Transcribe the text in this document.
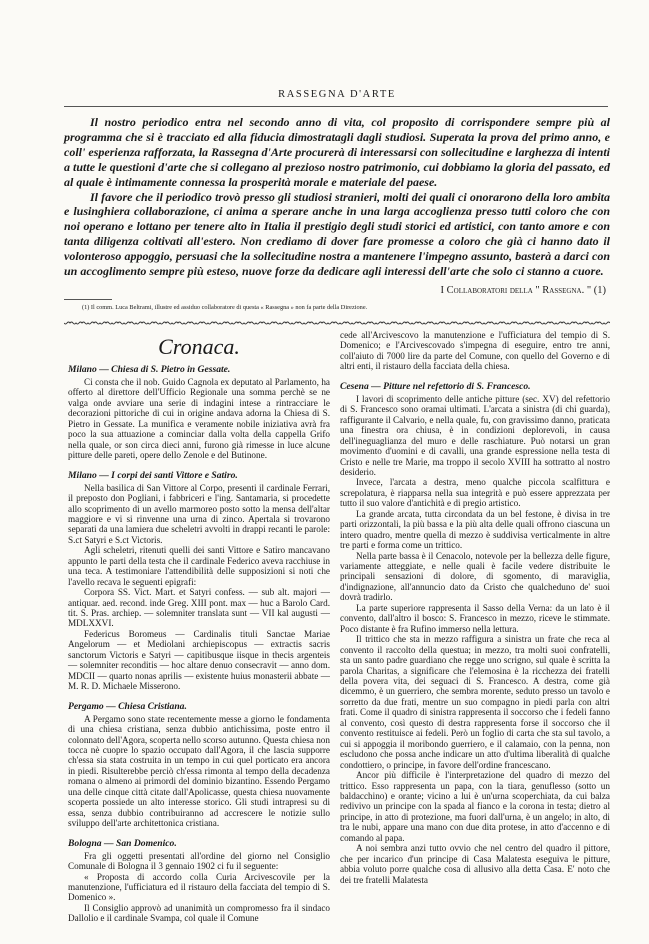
RASSEGNA D'ARTE

Il nostro periodico entra nel secondo anno di vita, col proposito di corrispondere sempre più al programma che si è tracciato ed alla fiducia dimostratagli dagli studiosi. Superata la prova del primo anno, e coll' esperienza rafforzata, la Rassegna d'Arte procurerà di interessarsi con sollecitudine e larghezza di intenti a tutte le questioni d'arte che si collegano al prezioso nostro patrimonio, cui dobbiamo la gloria del passato, ed al quale è intimamente connessa la prosperità morale e materiale del paese.

Il favore che il periodico trovò presso gli studiosi stranieri, molti dei quali ci onorarono della loro ambita e lusinghiera collaborazione, ci anima a sperare anche in una larga accoglienza presso tutti coloro che con noi operano e lottano per tenere alto in Italia il prestigio degli studi storici ed artistici, con tanto amore e con tanta diligenza coltivati all'estero. Non crediamo di dover fare promesse a coloro che già ci hanno dato il volonteroso appoggio, persuasi che la sollecitudine nostra a mantenere l'impegno assunto, basterà a darci con un accoglimento sempre più esteso, nuove forze da dedicare agli interessi dell'arte che solo ci stanno a cuore.

I Collaboratori della " Rassegna. " (1)
(1) Il comm. Luca Beltrami, illustre ed assiduo collaboratore di questa « Rassegna » non fa parte della Direzione.
Cronaca.
Milano — Chiesa di S. Pietro in Gessate.

Ci consta che il nob. Guido Cagnola ex deputato al Parlamento, ha offerto al direttore dell'Ufficio Regionale una somma perchè se ne valga onde avviare una serie di indagini intese a rintracciare le decorazioni pittoriche di cui in origine andava adorna la Chiesa di S. Pietro in Gessate. La munifica e veramente nobile iniziativa avrà fra poco la sua attuazione a cominciar dalla volta della cappella Grifo nella quale, or son circa dieci anni, furono già rimesse in luce alcune pitture delle pareti, opere dello Zenole e del Butinone.

Milano — I corpi dei santi Vittore e Satiro.

Nella basilica di San Vittore al Corpo, presenti il cardinale Ferrari, il preposto don Pogliani, i fabbriceri e l'ing. Santamaria, si procedette allo scoprimento di un avello marmoreo posto sotto la mensa dell'altar maggiore e vi si rinvenne una urna di zinco. Apertala si trovarono separati da una lamiera due scheletri avvolti in drappi recanti le parole: S.ct Satyri e S.ct Victoris.

Agli scheletri, ritenuti quelli dei santi Vittore e Satiro mancavano appunto le parti della testa che il cardinale Federico aveva racchiuse in una teca. A testimoniare l'attendibilità delle supposizioni si noti che l'avello recava le seguenti epigrafi:

Corpora SS. Vict. Mart. et Satyri confess. — sub alt. majori — antiquar. aed. recond. inde Greg. XIII pont. max — huc a Barolo Card. tit. S. Pras. archiep. — solemniter translata sunt — VII kal augusti — MDLXXVI.

Federicus Boromeus — Cardinalis tituli Sanctae Mariae Angelorum — et Mediolani archiepiscopus — extractis sacris sanctorum Victoris e Satyri — capitibusque iisque in thecis argenteis — solemniter reconditis — hoc altare denuo consecravit — anno dom. MDCII — quarto nonas aprilis — existente huius monasterii abbate — M. R. D. Michaele Misserono.

Pergamo — Chiesa Cristiana.

A Pergamo sono state recentemente messe a giorno le fondamenta di una chiesa cristiana, senza dubbio antichissima, poste entro il colonnato dell'Agora, scoperta nello scorso autunno. Questa chiesa non tocca nè cuopre lo spazio occupato dall'Agora, il che lascia supporre ch'essa sia stata costruita in un tempo in cui quel porticato era ancora in piedi. Risulterebbe perciò ch'essa rimonta al tempo della decadenza romana o almeno ai primordi del dominio bizantino. Essendo Pergamo una delle cinque città citate dall'Apolicasse, questa chiesa nuovamente scoperta possiede un alto interesse storico. Gli studi intrapresi su di essa, senza dubbio contribuiranno ad accrescere le notizie sullo sviluppo dell'arte architettonica cristiana.

Bologna — San Domenico.

Fra gli oggetti presentati all'ordine del giorno nel Consiglio Comunale di Bologna il 3 gennaio 1902 ci fu il seguente:

« Proposta di accordo colla Curia Arcivescovile per la manutenzione, l'ufficiatura ed il ristauro della facciata del tempio di S. Domenico ».

Il Consiglio approvò ad unanimità un compromesso fra il sindaco Dallolio e il cardinale Svampa, col quale il Comune

cede all'Arcivescovo la manutenzione e l'ufficiatura del tempio di S. Domenico; e l'Arcivescovado s'impegna di eseguire, entro tre anni, coll'aiuto di 7000 lire da parte del Comune, con quello del Governo e di altri enti, il ristauro della facciata della chiesa.

Cesena — Pitture nel refettorio di S. Francesco.

I lavori di scoprimento delle antiche pitture (sec. XV) del refettorio di S. Francesco sono oramai ultimati. L'arcata a sinistra (di chi guarda), raffigurante il Calvario, e nella quale, fu, con gravissimo danno, praticata una finestra ora chiusa, è in condizioni deplorevoli, in causa dell'ineguaglianza del muro e delle raschiature. Può notarsi un gran movimento d'uomini e di cavalli, una grande espressione nella testa di Cristo e nelle tre Marie, ma troppo il secolo XVIII ha sottratto al nostro desiderio.

Invece, l'arcata a destra, meno qualche piccola scalfittura e screpolatura, è riapparsa nella sua integrità e può essere apprezzata per tutto il suo valore d'antichità e di pregio artistico.

La grande arcata, tutta circondata da un bel festone, è divisa in tre parti orizzontali, la più bassa e la più alta delle quali offrono ciascuna un intero quadro, mentre quella di mezzo è suddivisa verticalmente in altre tre parti e forma come un trittico.

Nella parte bassa è il Cenacolo, notevole per la bellezza delle figure, variamente atteggiate, e nelle quali è facile vedere distribuite le principali sensazioni di dolore, di sgomento, di maraviglia, d'indignazione, all'annuncio dato da Cristo che qualcheduno de' suoi dovrà tradirlo.

La parte superiore rappresenta il Sasso della Verna: da un lato è il convento, dall'altro il bosco: S. Francesco in mezzo, riceve le stimmate. Poco distante è fra Rufino immerso nella lettura.

Il trittico che sta in mezzo raffigura a sinistra un frate che reca al convento il raccolto della questua; in mezzo, tra molti suoi confratelli, sta un santo padre guardiano che regge uno scrigno, sul quale è scritta la parola Charitas, a significare che l'elemosina è la ricchezza dei fratelli della povera vita, dei seguaci di S. Francesco. A destra, come già dicemmo, è un guerriero, che sembra morente, seduto presso un tavolo e sorretto da due frati, mentre un suo compagno in piedi parla con altri frati. Come il quadro di sinistra rappresenta il soccorso che i fedeli fanno al convento, così questo di destra rappresenta forse il soccorso che il convento restituisce ai fedeli. Però un foglio di carta che sta sul tavolo, a cui si appoggia il moribondo guerriero, e il calamaio, con la penna, non escludono che possa anche indicare un atto d'ultima liberalità di qualche condottiero, o principe, in favore dell'ordine francescano.

Ancor più difficile è l'interpretazione del quadro di mezzo del trittico. Esso rappresenta un papa, con la tiara, genuflesso (sotto un baldacchino) e orante; vicino a lui è un'urna scoperchiata, da cui balza redivivo un principe con la spada al fianco e la corona in testa; dietro al principe, in atto di protezione, ma fuori dall'urna, è un angelo; in alto, di tra le nubi, appare una mano con due dita protese, in atto d'accenno e di comando al papa.

A noi sembra anzi tutto ovvio che nel centro del quadro il pittore, che per incarico d'un principe di Casa Malatesta eseguiva le pitture, abbia voluto porre qualche cosa di allusivo alla detta Casa. E' noto che dei tre fratelli Malatesta
